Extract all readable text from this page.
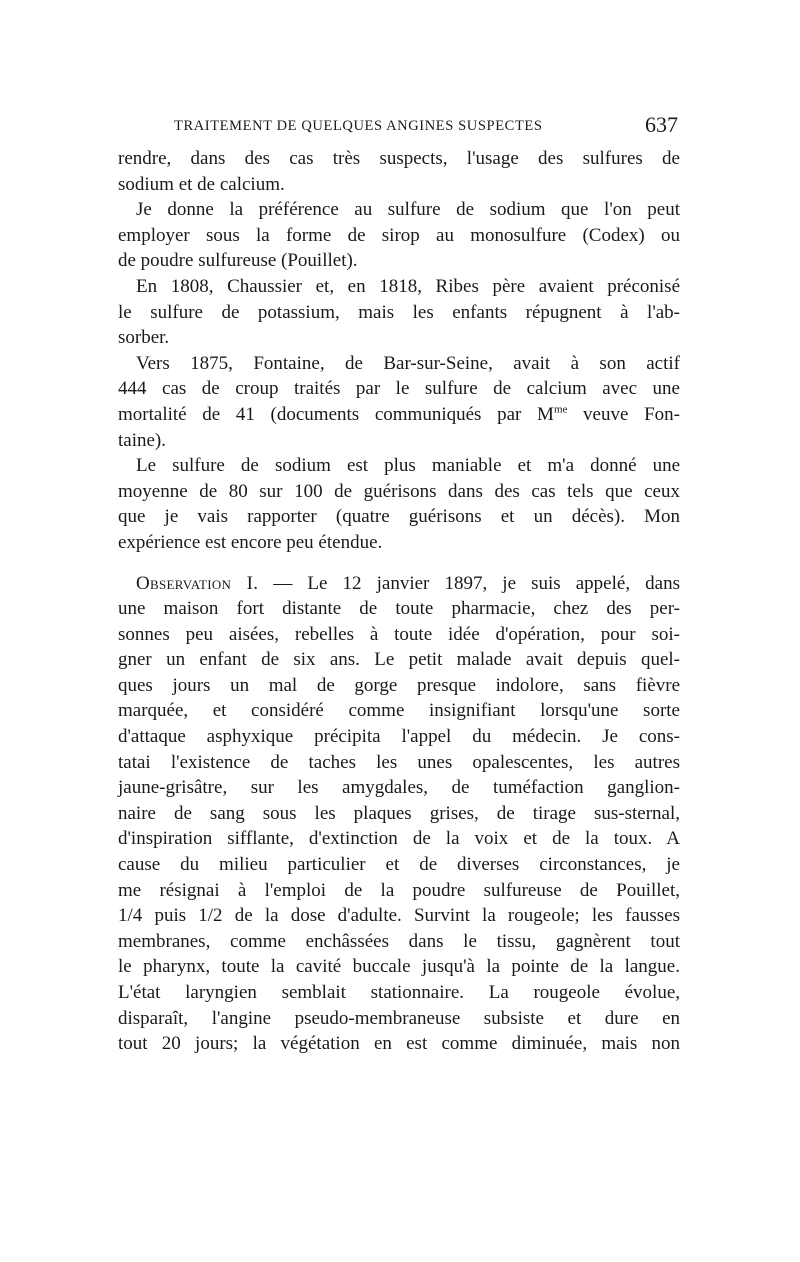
TRAITEMENT DE QUELQUES ANGINES SUSPECTES	637

rendre, dans des cas très suspects, l'usage des sulfures de
sodium et de calcium.

Je donne la préférence au sulfure de sodium que l'on peut
employer sous la forme de sirop au monosulfure (Codex) ou
de poudre sulfureuse (Pouillet).

En 1808, Chaussier et, en 1818, Ribes père avaient préconisé
le sulfure de potassium, mais les enfants répugnent à l'ab-
sorber.

Vers 1875, Fontaine, de Bar-sur-Seine, avait à son actif
444 cas de croup traités par le sulfure de calcium avec une
mortalité de 41 (documents communiqués par $M^{me}$ veuve Fon-
taine).

Le sulfure de sodium est plus maniable et m'a donné une
moyenne de 80 sur 100 de guérisons dans des cas tels que ceux
que je vais rapporter (quatre guérisons et un décès). Mon
expérience est encore peu étendue.

Observation I. — Le 12 janvier 1897, je suis appelé, dans
une maison fort distante de toute pharmacie, chez des per-
sonnes peu aisées, rebelles à toute idée d'opération, pour soi-
gner un enfant de six ans. Le petit malade avait depuis quel-
ques jours un mal de gorge presque indolore, sans fièvre
marquée, et considéré comme insignifiant lorsqu'une sorte
d'attaque asphyxique précipita l'appel du médecin. Je cons-
tatai l'existence de taches les unes opalescentes, les autres
jaune-grisâtre, sur les amygdales, de tuméfaction ganglion-
naire de sang sous les plaques grises, de tirage sus-sternal,
d'inspiration sifflante, d'extinction de la voix et de la toux. A
cause du milieu particulier et de diverses circonstances, je
me résignai à l'emploi de la poudre sulfureuse de Pouillet,
1/4 puis 1/2 de la dose d'adulte. Survint la rougeole; les fausses
membranes, comme enchâssées dans le tissu, gagnèrent tout
le pharynx, toute la cavité buccale jusqu'à la pointe de la langue.
L'état laryngien semblait stationnaire. La rougeole évolue,
disparaît, l'angine pseudo-membraneuse subsiste et dure en
tout 20 jours; la végétation en est comme diminuée, mais non
